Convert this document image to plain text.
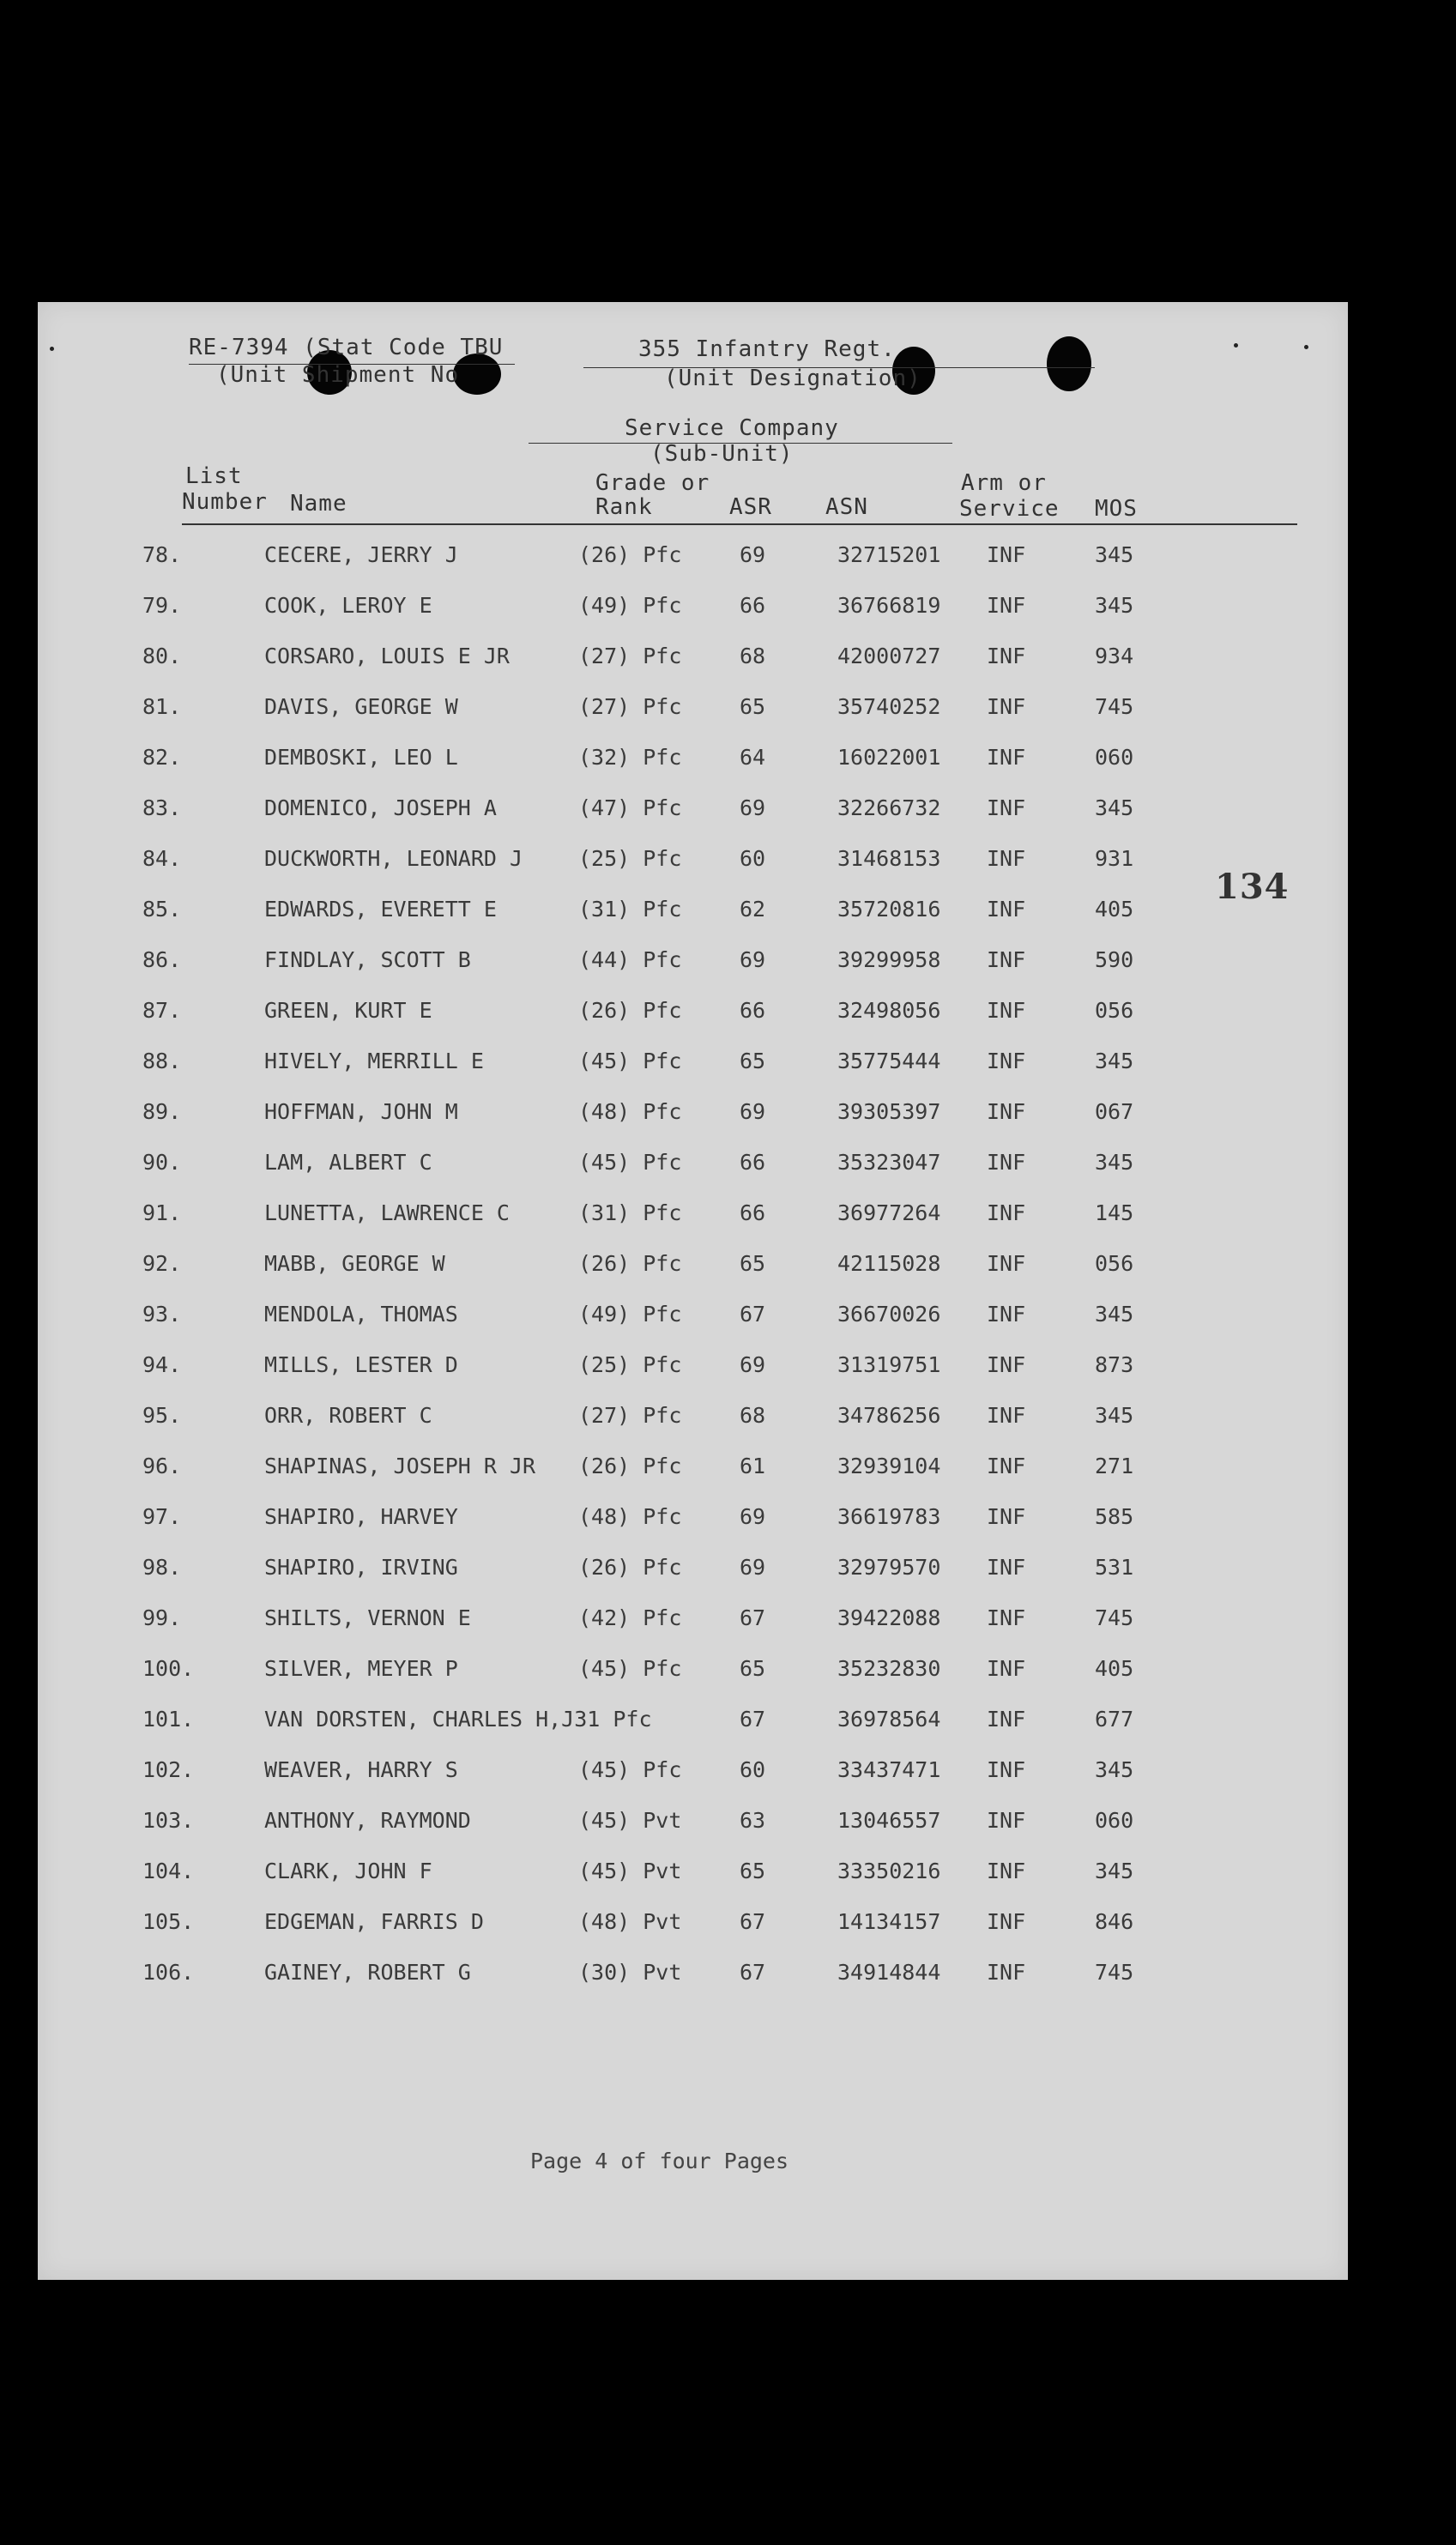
RE-7394 (Stat Code TBU
(Unit Shipment No
355 Infantry Regt.
(Unit Designation)
Service Company
(Sub-Unit)
List
Number Name
Grade or
Rank	ASR ASN
Arm or
Service MOS
78.	CECERE, JERRY J	(26) Pfc	69	32715201 INF	345
79.	COOK, LEROY E	(49) Pfc	66	36766819 INF	345
80.	CORSARO, LOUIS E JR	(27) Pfc	68	42000727 INF	934
81.	DAVIS, GEORGE W	(27) Pfc	65	35740252 INF	745
82.	DEMBOSKI, LEO L	(32) Pfc	64	16022001 INF	060
83.	DOMENICO, JOSEPH A	(47) Pfc	69	32266732 INF	345
84.	DUCKWORTH, LEONARD J	(25) Pfc	60	31468153 INF	931
85.	EDWARDS, EVERETT E	(31) Pfc	62	35720816 INF	405
86.	FINDLAY, SCOTT B	(44) Pfc	69	39299958 INF	590
87.	GREEN, KURT E	(26) Pfc	66	32498056 INF	056
88.	HIVELY, MERRILL E	(45) Pfc	65	35775444 INF	345
89.	HOFFMAN, JOHN M	(48) Pfc	69	39305397 INF	067
90.	LAM, ALBERT C	(45) Pfc	66	35323047 INF	345
91.	LUNETTA, LAWRENCE C	(31) Pfc	66	36977264 INF	145
92.	MABB, GEORGE W	(26) Pfc	65	42115028 INF	056
93.	MENDOLA, THOMAS	(49) Pfc	67	36670026 INF	345
94.	MILLS, LESTER D	(25) Pfc	69	31319751 INF	873
95.	ORR, ROBERT C	(27) Pfc	68	34786256 INF	345
96.	SHAPINAS, JOSEPH R JR (26) Pfc	61	32939104 INF	271
97.	SHAPIRO, HARVEY	(48) Pfc	69	36619783 INF	585
98.	SHAPIRO, IRVING	(26) Pfc	69	32979570 INF	531
99.	SHILTS, VERNON E	(42) Pfc	67	39422088 INF	745
100.	SILVER, MEYER P	(45) Pfc	65	35232830 INF	405
101.	VAN DORSTEN, CHARLES H,J31 Pfc	67	36978564 INF	677
102.	WEAVER, HARRY S	(45) Pfc	60	33437471 INF	345
103.	ANTHONY, RAYMOND	(45) Pvt	63	13046557 INF	060
104.	CLARK, JOHN F	(45) Pvt	65	33350216 INF	345
105.	EDGEMAN, FARRIS D	(48) Pvt	67	14134157 INF	846
106.	GAINEY, ROBERT G	(30) Pvt	67	34914844 INF	745
134
Page 4 of four Pages
